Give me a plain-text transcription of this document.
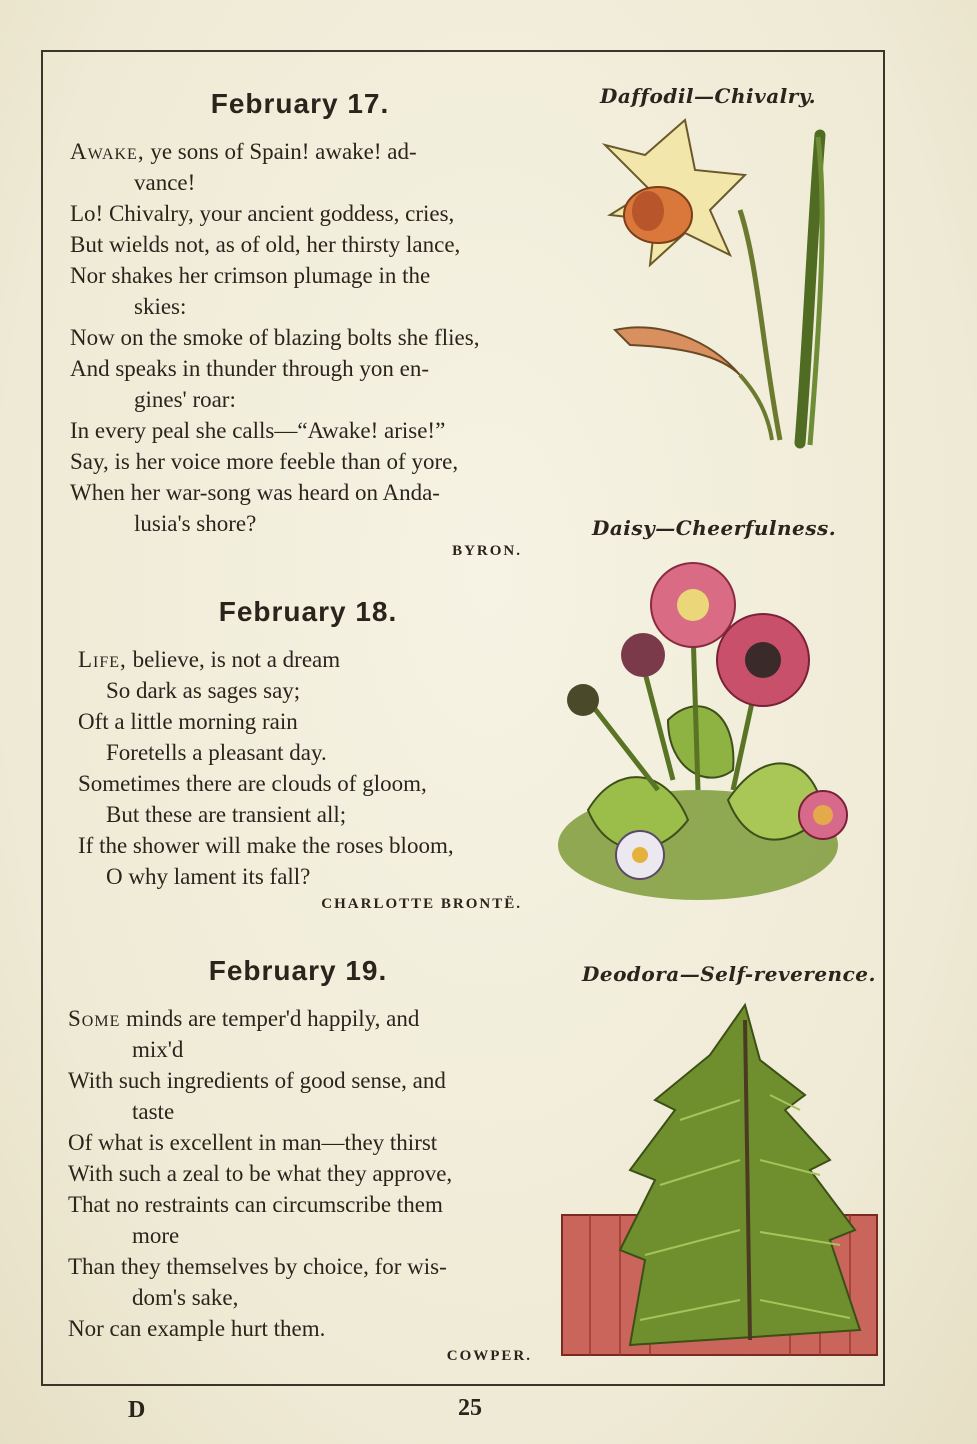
February 17.
Awake, ye sons of Spain! awake! ad-
vance!
Lo! Chivalry, your ancient goddess, cries,
But wields not, as of old, her thirsty lance,
Nor shakes her crimson plumage in the
skies:
Now on the smoke of blazing bolts she flies,
And speaks in thunder through yon en-
gines' roar:
In every peal she calls—“Awake! arise!”
Say, is her voice more feeble than of yore,
When her war-song was heard on Anda-
lusia's shore?
BYRON.
February 18.
Life, believe, is not a dream
So dark as sages say;
Oft a little morning rain
Foretells a pleasant day.
Sometimes there are clouds of gloom,
But these are transient all;
If the shower will make the roses bloom,
O why lament its fall?
CHARLOTTE BRONTË.
February 19.
Some minds are temper'd happily, and
mix'd
With such ingredients of good sense, and
taste
Of what is excellent in man—they thirst
With such a zeal to be what they approve,
That no restraints can circumscribe them
more
Than they themselves by choice, for wis-
dom's sake,
Nor can example hurt them.
COWPER.
Daffodil—Chivalry.
Daisy—Cheerfulness.
Deodora—Self-reverence.
D	25
